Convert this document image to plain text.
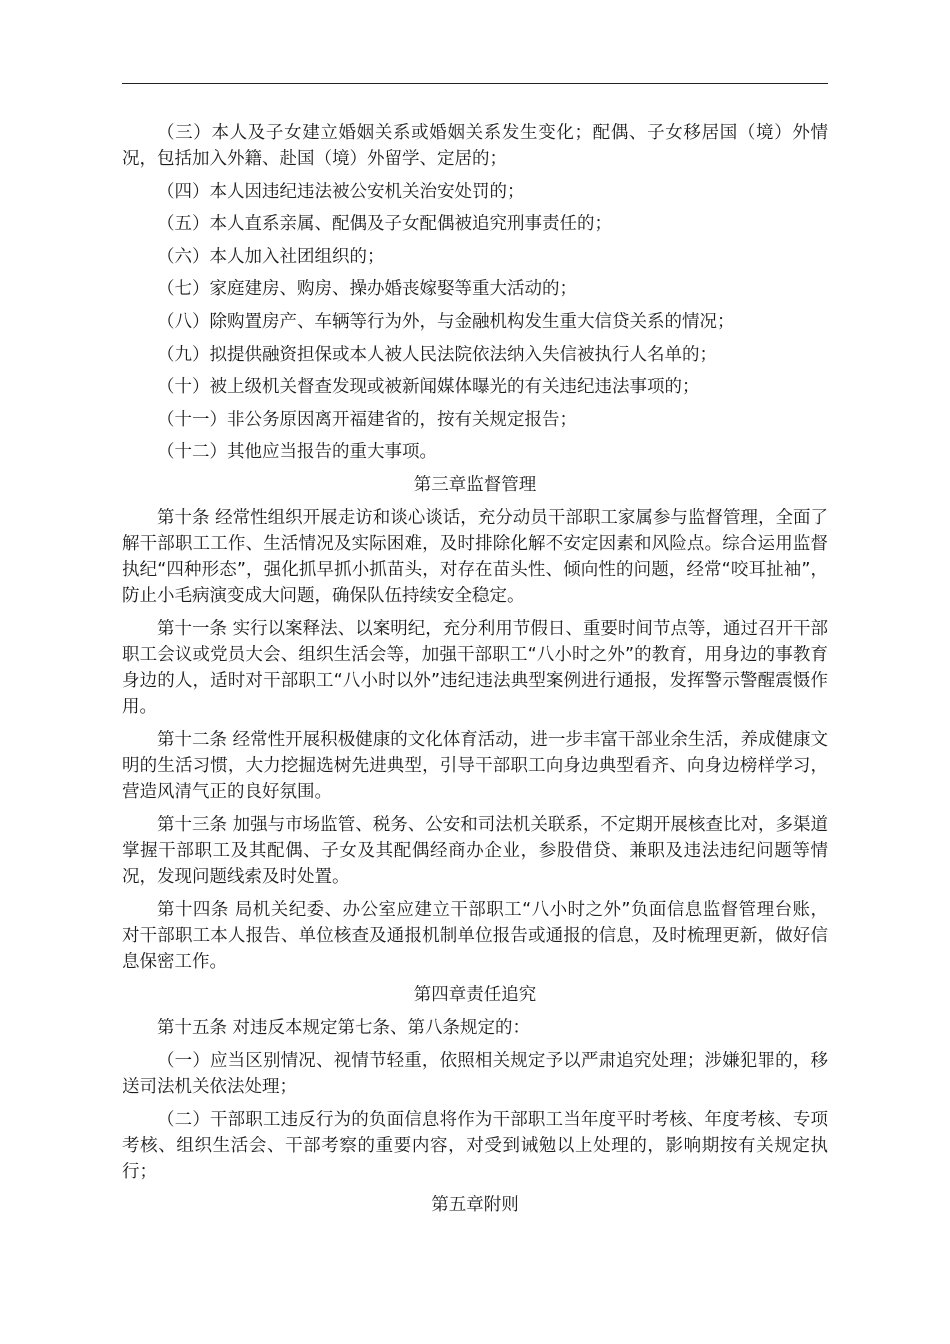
（三）本人及子女建立婚姻关系或婚姻关系发生变化；配偶、子女移居国（境）外情况，包括加入外籍、赴国（境）外留学、定居的；

（四）本人因违纪违法被公安机关治安处罚的；

（五）本人直系亲属、配偶及子女配偶被追究刑事责任的；

（六）本人加入社团组织的；

（七）家庭建房、购房、操办婚丧嫁娶等重大活动的；

（八）除购置房产、车辆等行为外，与金融机构发生重大信贷关系的情况；

（九）拟提供融资担保或本人被人民法院依法纳入失信被执行人名单的；

（十）被上级机关督查发现或被新闻媒体曝光的有关违纪违法事项的；

（十一）非公务原因离开福建省的，按有关规定报告；

（十二）其他应当报告的重大事项。

第三章监督管理

第十条 经常性组织开展走访和谈心谈话，充分动员干部职工家属参与监督管理，全面了解干部职工工作、生活情况及实际困难，及时排除化解不安定因素和风险点。综合运用监督执纪“四种形态”，强化抓早抓小抓苗头，对存在苗头性、倾向性的问题，经常“咬耳扯袖”，防止小毛病演变成大问题，确保队伍持续安全稳定。

第十一条 实行以案释法、以案明纪，充分利用节假日、重要时间节点等，通过召开干部职工会议或党员大会、组织生活会等，加强干部职工“八小时之外”的教育，用身边的事教育身边的人，适时对干部职工“八小时以外”违纪违法典型案例进行通报，发挥警示警醒震慑作用。

第十二条 经常性开展积极健康的文化体育活动，进一步丰富干部业余生活，养成健康文明的生活习惯，大力挖掘选树先进典型，引导干部职工向身边典型看齐、向身边榜样学习，营造风清气正的良好氛围。

第十三条 加强与市场监管、税务、公安和司法机关联系，不定期开展核查比对，多渠道掌握干部职工及其配偶、子女及其配偶经商办企业，参股借贷、兼职及违法违纪问题等情况，发现问题线索及时处置。

第十四条 局机关纪委、办公室应建立干部职工“八小时之外”负面信息监督管理台账，对干部职工本人报告、单位核查及通报机制单位报告或通报的信息，及时梳理更新，做好信息保密工作。

第四章责任追究

第十五条 对违反本规定第七条、第八条规定的：

（一）应当区别情况、视情节轻重，依照相关规定予以严肃追究处理；涉嫌犯罪的，移送司法机关依法处理；

（二）干部职工违反行为的负面信息将作为干部职工当年度平时考核、年度考核、专项考核、组织生活会、干部考察的重要内容，对受到诫勉以上处理的，影响期按有关规定执行；

第五章附则
